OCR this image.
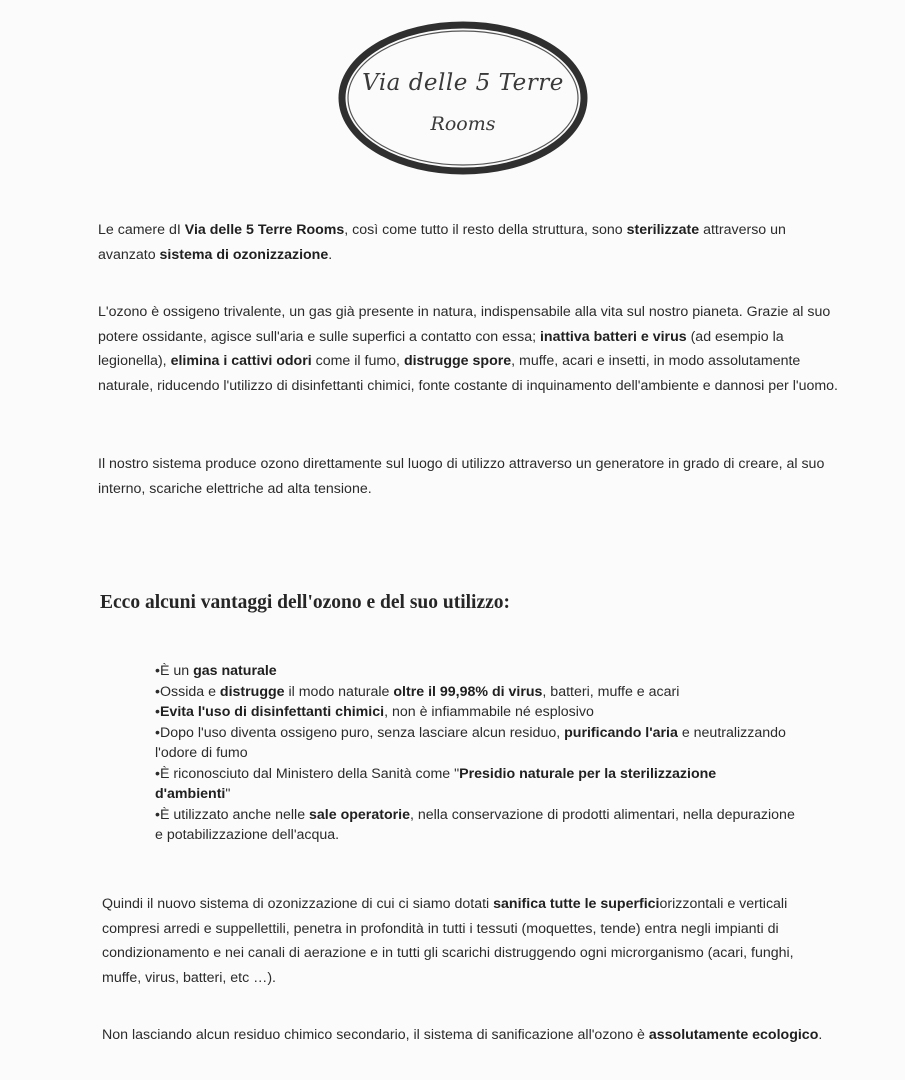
Via delle 5 Terre
Rooms

Le camere dI Via delle 5 Terre Rooms, così come tutto il resto della struttura, sono sterilizzate attraverso un avanzato sistema di ozonizzazione.

L'ozono è ossigeno trivalente, un gas già presente in natura, indispensabile alla vita sul nostro pianeta. Grazie al suo potere ossidante, agisce sull'aria e sulle superfici a contatto con essa; inattiva batteri e virus (ad esempio la legionella), elimina i cattivi odori come il fumo, distrugge spore, muffe, acari e insetti, in modo assolutamente naturale, riducendo l'utilizzo di disinfettanti chimici, fonte costante di inquinamento dell'ambiente e dannosi per l'uomo.

Il nostro sistema produce ozono direttamente sul luogo di utilizzo attraverso un generatore in grado di creare, al suo interno, scariche elettriche ad alta tensione.

Ecco alcuni vantaggi dell'ozono e del suo utilizzo:
•È un gas naturale
•Ossida e distrugge il modo naturale oltre il 99,98% di virus, batteri, muffe e acari
•Evita l'uso di disinfettanti chimici, non è infiammabile né esplosivo
•Dopo l'uso diventa ossigeno puro, senza lasciare alcun residuo, purificando l'aria e neutralizzando l'odore di fumo
•È riconosciuto dal Ministero della Sanità come "Presidio naturale per la sterilizzazione d'ambienti"
•È utilizzato anche nelle sale operatorie, nella conservazione di prodotti alimentari, nella depurazione e potabilizzazione dell'acqua.

Quindi il nuovo sistema di ozonizzazione di cui ci siamo dotati sanifica tutte le superficiorizzontali e verticali compresi arredi e suppellettili, penetra in profondità in tutti i tessuti (moquettes, tende) entra negli impianti di condizionamento e nei canali di aerazione e in tutti gli scarichi distruggendo ogni microrganismo (acari, funghi, muffe, virus, batteri, etc …).

Non lasciando alcun residuo chimico secondario, il sistema di sanificazione all'ozono è assolutamente ecologico.
